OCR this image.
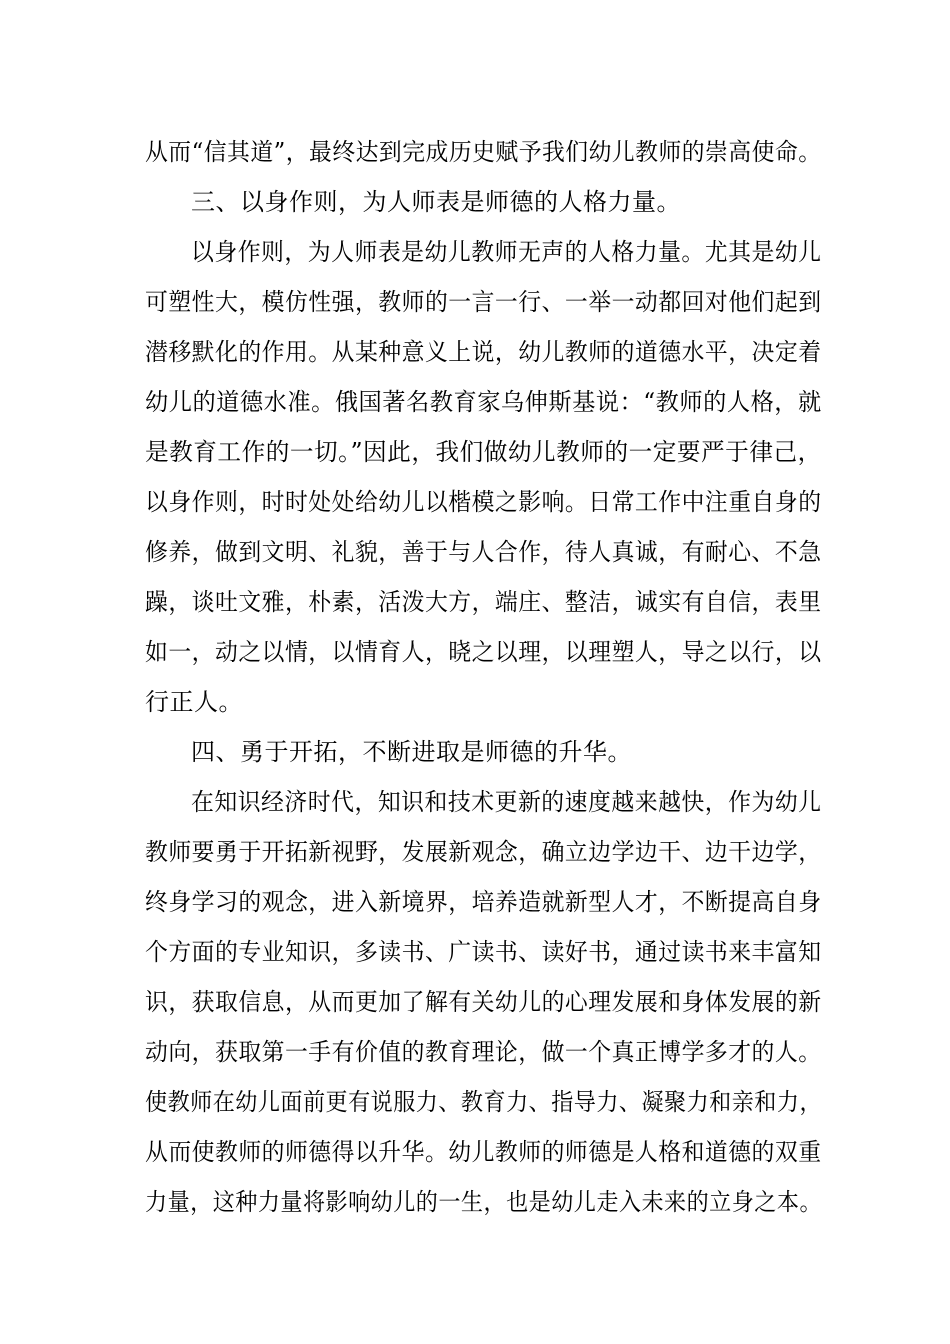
从而“信其道”，最终达到完成历史赋予我们幼儿教师的崇高使命。
三、以身作则，为人师表是师德的人格力量。
以身作则，为人师表是幼儿教师无声的人格力量。尤其是幼儿
可塑性大，模仿性强，教师的一言一行、一举一动都回对他们起到
潜移默化的作用。从某种意义上说，幼儿教师的道德水平，决定着
幼儿的道德水准。俄国著名教育家乌伸斯基说：“教师的人格，就
是教育工作的一切。”因此，我们做幼儿教师的一定要严于律己，
以身作则，时时处处给幼儿以楷模之影响。日常工作中注重自身的
修养，做到文明、礼貌，善于与人合作，待人真诚，有耐心、不急
躁，谈吐文雅，朴素，活泼大方，端庄、整洁，诚实有自信，表里
如一，动之以情，以情育人，晓之以理，以理塑人，导之以行，以
行正人。
四、勇于开拓，不断进取是师德的升华。
在知识经济时代，知识和技术更新的速度越来越快，作为幼儿
教师要勇于开拓新视野，发展新观念，确立边学边干、边干边学，
终身学习的观念，进入新境界，培养造就新型人才，不断提高自身
个方面的专业知识，多读书、广读书、读好书，通过读书来丰富知
识，获取信息，从而更加了解有关幼儿的心理发展和身体发展的新
动向，获取第一手有价值的教育理论，做一个真正博学多才的人。
使教师在幼儿面前更有说服力、教育力、指导力、凝聚力和亲和力，
从而使教师的师德得以升华。幼儿教师的师德是人格和道德的双重
力量，这种力量将影响幼儿的一生，也是幼儿走入未来的立身之本。
